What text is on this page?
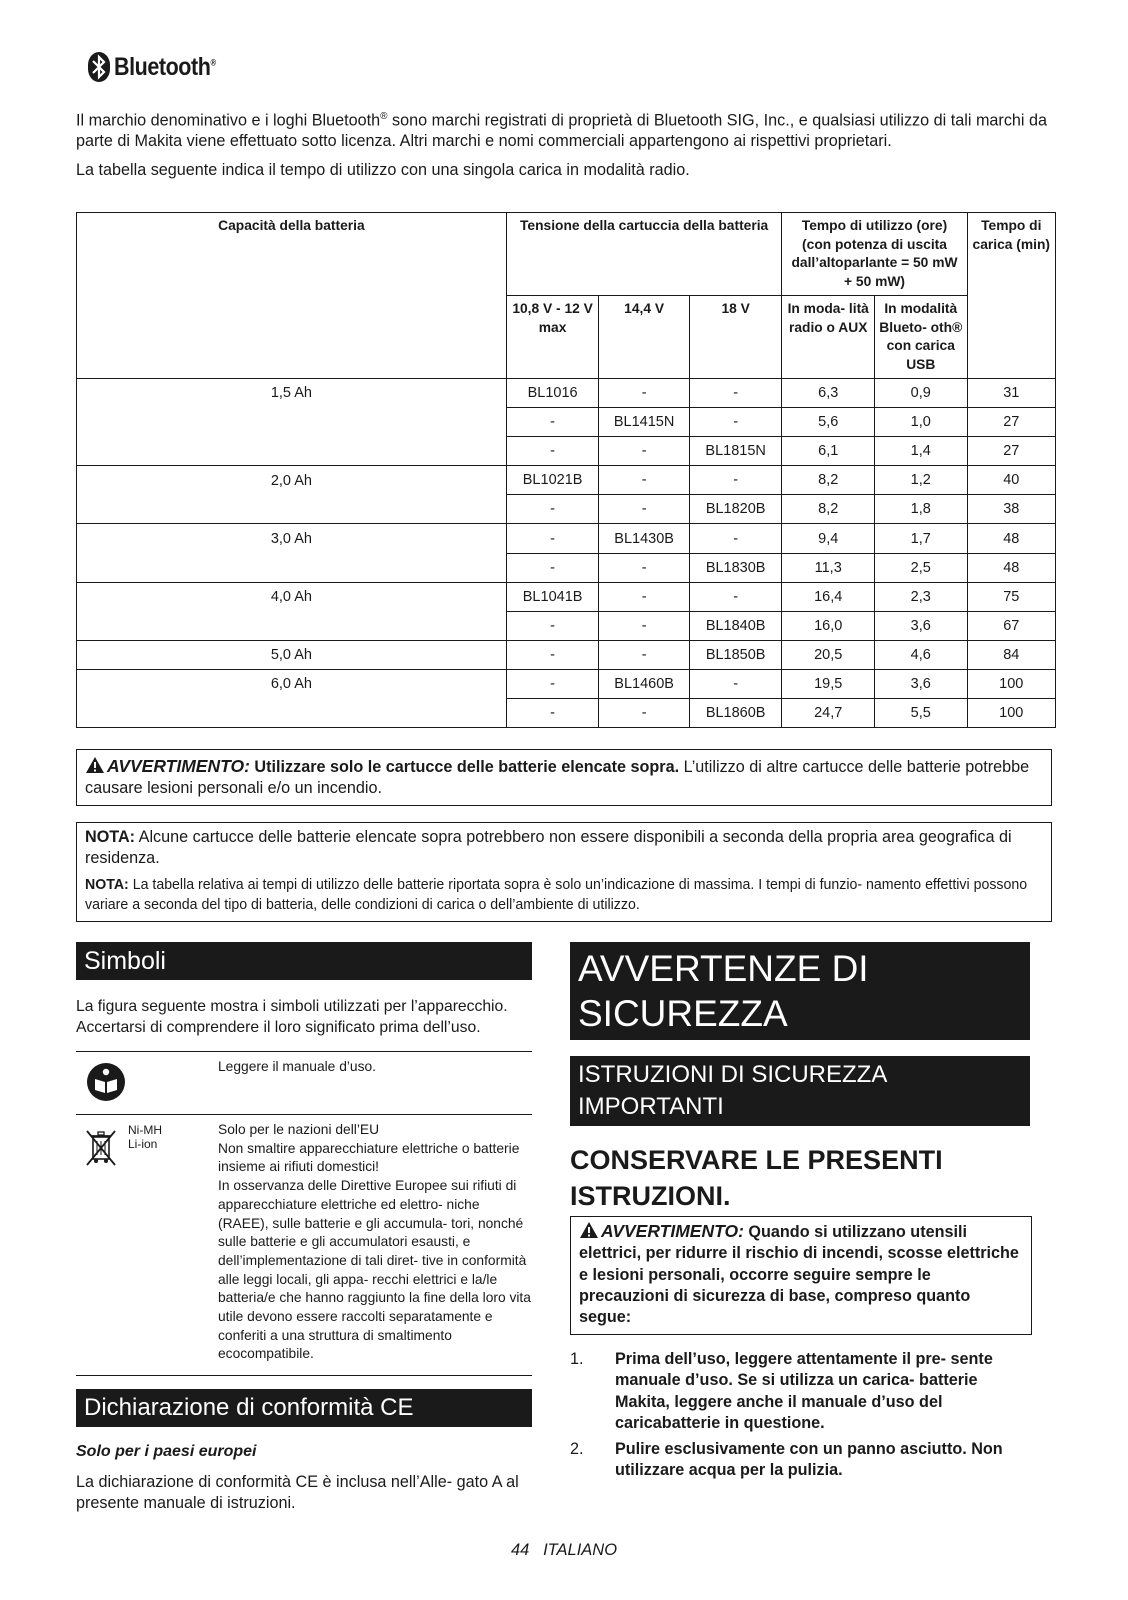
Bluetooth®

Il marchio denominativo e i loghi Bluetooth® sono marchi registrati di proprietà di Bluetooth SIG, Inc., e qualsiasi utilizzo di tali marchi da parte di Makita viene effettuato sotto licenza. Altri marchi e nomi commerciali appartengono ai rispettivi proprietari.

La tabella seguente indica il tempo di utilizzo con una singola carica in modalità radio.

Capacità della batteria	Tensione della cartuccia della batteria			Tempo di utilizzo (ore) (con potenza di uscita dall’altoparlante = 50 mW + 50 mW)		Tempo di carica (min)
	10,8 V - 12 V max	14,4 V	18 V	In moda- lità radio o AUX	In modalità Blueto- oth® con carica USB	
1,5 Ah	BL1016	-	-	6,3	0,9	31
	-	BL1415N	-	5,6	1,0	27
	-	-	BL1815N	6,1	1,4	27
2,0 Ah	BL1021B	-	-	8,2	1,2	40
	-	-	BL1820B	8,2	1,8	38
3,0 Ah	-	BL1430B	-	9,4	1,7	48
	-	-	BL1830B	11,3	2,5	48
4,0 Ah	BL1041B	-	-	16,4	2,3	75
	-	-	BL1840B	16,0	3,6	67
5,0 Ah	-	-	BL1850B	20,5	4,6	84
6,0 Ah	-	BL1460B	-	19,5	3,6	100
	-	-	BL1860B	24,7	5,5	100
AVVERTIMENTO: Utilizzare solo le cartucce delle batterie elencate sopra. L’utilizzo di altre cartucce delle batterie potrebbe causare lesioni personali e/o un incendio.

NOTA: Alcune cartucce delle batterie elencate sopra potrebbero non essere disponibili a seconda della propria area geografica di residenza.

NOTA: La tabella relativa ai tempi di utilizzo delle batterie riportata sopra è solo un’indicazione di massima. I tempi di funzio- namento effettivi possono variare a seconda del tipo di batteria, delle condizioni di carica o dell’ambiente di utilizzo.

Simboli
La figura seguente mostra i simboli utilizzati per l’apparecchio. Accertarsi di comprendere il loro significato prima dell’uso.
Leggere il manuale d’uso.
Ni-MH
Li-ion
Solo per le nazioni dell’EU
Non smaltire apparecchiature elettriche o batterie insieme ai rifiuti domestici!
In osservanza delle Direttive Europee sui rifiuti di apparecchiature elettriche ed elettro- niche (RAEE), sulle batterie e gli accumula- tori, nonché sulle batterie e gli accumulatori esausti, e dell’implementazione di tali diret- tive in conformità alle leggi locali, gli appa- recchi elettrici e la/le batteria/e che hanno raggiunto la fine della loro vita utile devono essere raccolti separatamente e conferiti a una struttura di smaltimento ecocompatibile.
Dichiarazione di conformità CE
Solo per i paesi europei
La dichiarazione di conformità CE è inclusa nell’Alle- gato A al presente manuale di istruzioni.
AVVERTENZE DI SICUREZZA
ISTRUZIONI DI SICUREZZA IMPORTANTI
CONSERVARE LE PRESENTI ISTRUZIONI.
AVVERTIMENTO: Quando si utilizzano utensili elettrici, per ridurre il rischio di incendi, scosse elettriche e lesioni personali, occorre seguire sempre le precauzioni di sicurezza di base, compreso quanto segue:
1.	Prima dell’uso, leggere attentamente il pre- sente manuale d’uso. Se si utilizza un carica- batterie Makita, leggere anche il manuale d’uso del caricabatterie in questione.
2.	Pulire esclusivamente con un panno asciutto. Non utilizzare acqua per la pulizia.
44 ITALIANO
